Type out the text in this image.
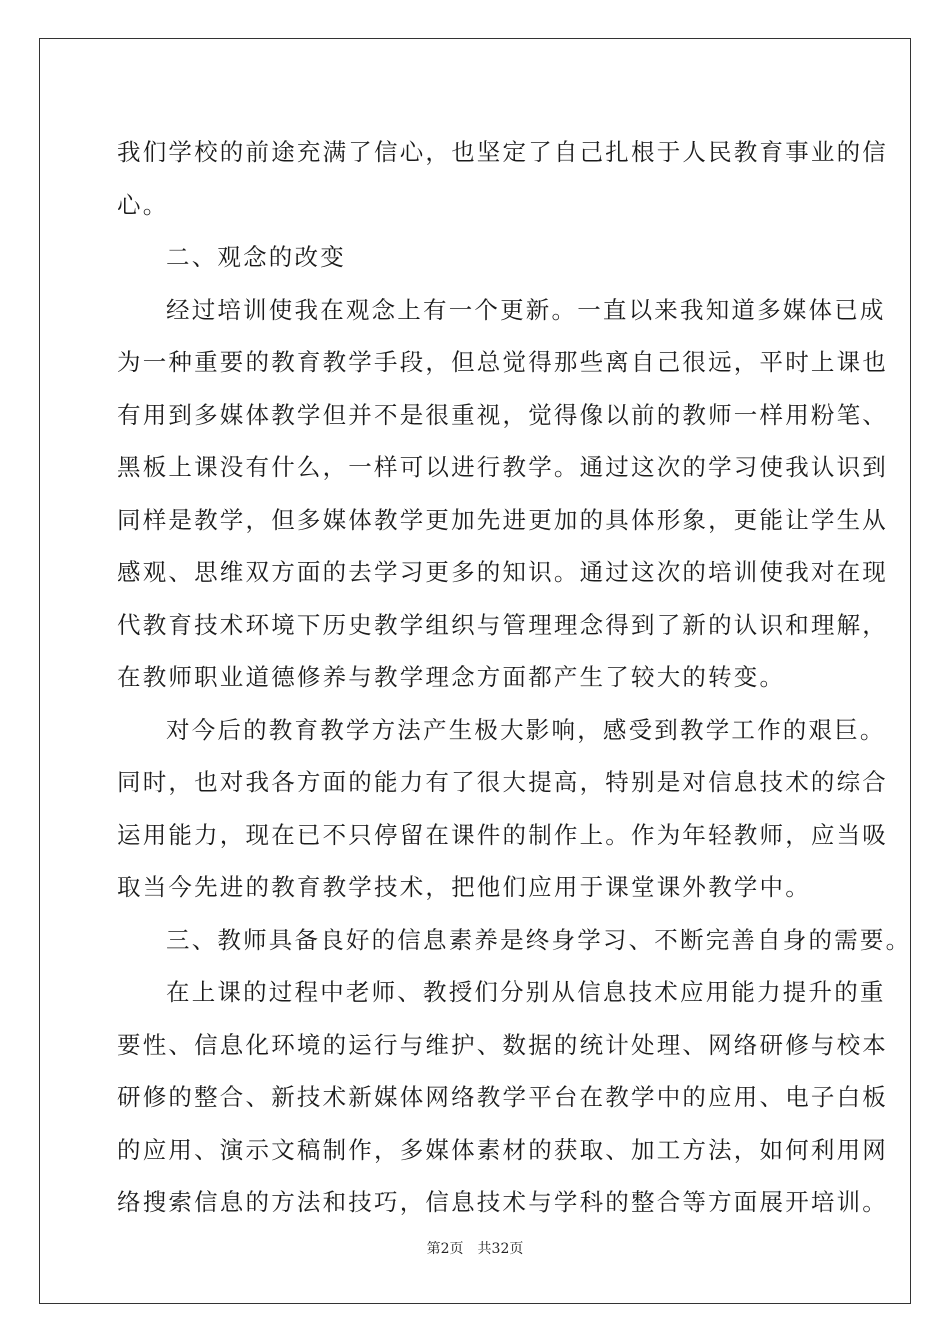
我们学校的前途充满了信心，也坚定了自己扎根于人民教育事业的信
心。
二、观念的改变
经过培训使我在观念上有一个更新。一直以来我知道多媒体已成
为一种重要的教育教学手段，但总觉得那些离自己很远，平时上课也
有用到多媒体教学但并不是很重视，觉得像以前的教师一样用粉笔、
黑板上课没有什么，一样可以进行教学。通过这次的学习使我认识到
同样是教学，但多媒体教学更加先进更加的具体形象，更能让学生从
感观、思维双方面的去学习更多的知识。通过这次的培训使我对在现
代教育技术环境下历史教学组织与管理理念得到了新的认识和理解，
在教师职业道德修养与教学理念方面都产生了较大的转变。
对今后的教育教学方法产生极大影响，感受到教学工作的艰巨。
同时，也对我各方面的能力有了很大提高，特别是对信息技术的综合
运用能力，现在已不只停留在课件的制作上。作为年轻教师，应当吸
取当今先进的教育教学技术，把他们应用于课堂课外教学中。
三、教师具备良好的信息素养是终身学习、不断完善自身的需要。
在上课的过程中老师、教授们分别从信息技术应用能力提升的重
要性、信息化环境的运行与维护、数据的统计处理、网络研修与校本
研修的整合、新技术新媒体网络教学平台在教学中的应用、电子白板
的应用、演示文稿制作，多媒体素材的获取、加工方法，如何利用网
络搜索信息的方法和技巧，信息技术与学科的整合等方面展开培训。
第2页 共32页
